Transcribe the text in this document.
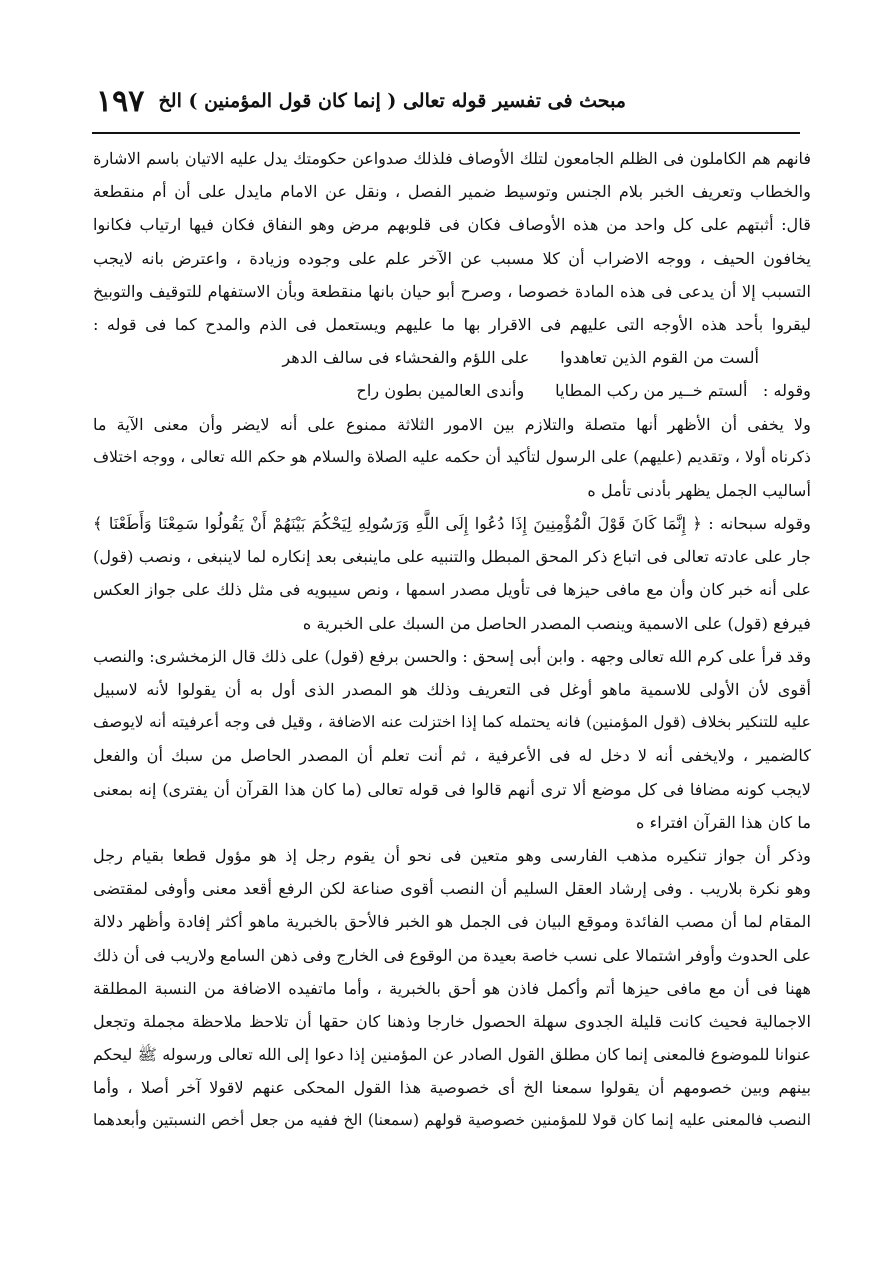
مبحث فى تفسير قوله تعالى ( إنما كان قول المؤمنين ) الخ
١٩٧
فانهم هم الكاملون فى الظلم الجامعون لتلك الأوصاف فلذلك صدواعن حكومتك يدل عليه الاتيان باسم الاشارة
والخطاب وتعريف الخبر بلام الجنس وتوسيط ضمير الفصل ، ونقل عن الامام مايدل على أن أم منقطعة
قال: أثبتهم على كل واحد من هذه الأوصاف فكان فى قلوبهم مرض وهو النفاق فكان فيها ارتياب فكانوا
يخافون الحيف ، ووجه الاضراب أن كلا مسبب عن الآخر علم على وجوده وزيادة ، واعترض بانه لايجب
التسبب إلا أن يدعى فى هذه المادة خصوصا ، وصرح أبو حيان بانها منقطعة وبأن الاستفهام للتوقيف والتوبيخ
ليقروا بأحد هذه الأوجه التى عليهم فى الاقرار بها ما عليهم ويستعمل فى الذم والمدح كما فى قوله :
ألست من القوم الذين تعاهدوا      على اللؤم والفحشاء فى سالف الدهر
وقوله :   ألستم خــير من ركب المطايا      وأندى العالمين بطون راح
ولا يخفى أن الأظهر أنها متصلة والتلازم بين الامور الثلاثة ممنوع على أنه لايضر وأن معنى الآية ما
ذكرناه أولا ، وتقديم (عليهم) على الرسول لتأكيد أن حكمه عليه الصلاة والسلام هو حكم الله تعالى ، ووجه اختلاف
أساليب الجمل يظهر بأدنى تأمل ه
وقوله سبحانه : ﴿ إِنَّمَا كَانَ قَوْلَ الْمُؤْمِنِينَ إِذَا دُعُوا إِلَى اللَّهِ وَرَسُولِهِ لِيَحْكُمَ بَيْنَهُمْ أَنْ يَقُولُوا سَمِعْنَا وَأَطَعْنَا ﴾
جار على عادته تعالى فى اتباع ذكر المحق المبطل والتنبيه على ماينبغى بعد إنكاره لما لاينبغى ، ونصب (قول)
على أنه خبر كان وأن مع مافى حيزها فى تأويل مصدر اسمها ، ونص سيبويه فى مثل ذلك على جواز العكس
فيرفع (قول) على الاسمية وينصب المصدر الحاصل من السبك على الخبرية ه
وقد قرأ على كرم الله تعالى وجهه . وابن أبى إسحق : والحسن برفع (قول) على ذلك قال الزمخشرى: والنصب
أقوى لأن الأولى للاسمية ماهو أوغل فى التعريف وذلك هو المصدر الذى أول به أن يقولوا لأنه لاسبيل
عليه للتنكير بخلاف (قول المؤمنين) فانه يحتمله كما إذا اختزلت عنه الاضافة ، وقيل فى وجه أعرفيته أنه لايوصف
كالضمير ، ولايخفى أنه لا دخل له فى الأعرفية ، ثم أنت تعلم أن المصدر الحاصل من سبك أن والفعل
لايجب كونه مضافا فى كل موضع ألا ترى أنهم قالوا فى قوله تعالى (ما كان هذا القرآن أن يفترى) إنه بمعنى
ما كان هذا القرآن افتراء ه
وذكر أن جواز تنكيره مذهب الفارسى وهو متعين فى نحو أن يقوم رجل إذ هو مؤول قطعا بقيام رجل
وهو نكرة بلاريب . وفى إرشاد العقل السليم أن النصب أقوى صناعة لكن الرفع أقعد معنى وأوفى لمقتضى
المقام لما أن مصب الفائدة وموقع البيان فى الجمل هو الخبر فالأحق بالخبرية ماهو أكثر إفادة وأظهر دلالة
على الحدوث وأوفر اشتمالا على نسب خاصة بعيدة من الوقوع فى الخارج وفى ذهن السامع ولاريب فى أن ذلك
ههنا فى أن مع مافى حيزها أتم وأكمل فاذن هو أحق بالخبرية ، وأما ماتفيده الاضافة من النسبة المطلقة
الاجمالية فحيث كانت قليلة الجدوى سهلة الحصول خارجا وذهنا كان حقها أن تلاحظ ملاحظة مجملة وتجعل
عنوانا للموضوع فالمعنى إنما كان مطلق القول الصادر عن المؤمنين إذا دعوا إلى الله تعالى ورسوله ﷺ ليحكم
بينهم وبين خصومهم أن يقولوا سمعنا الخ أى خصوصية هذا القول المحكى عنهم لاقولا آخر أصلا ، وأما
النصب فالمعنى عليه إنما كان قولا للمؤمنين خصوصية قولهم (سمعنا) الخ ففيه من جعل أخص النسبتين وأبعدهما
